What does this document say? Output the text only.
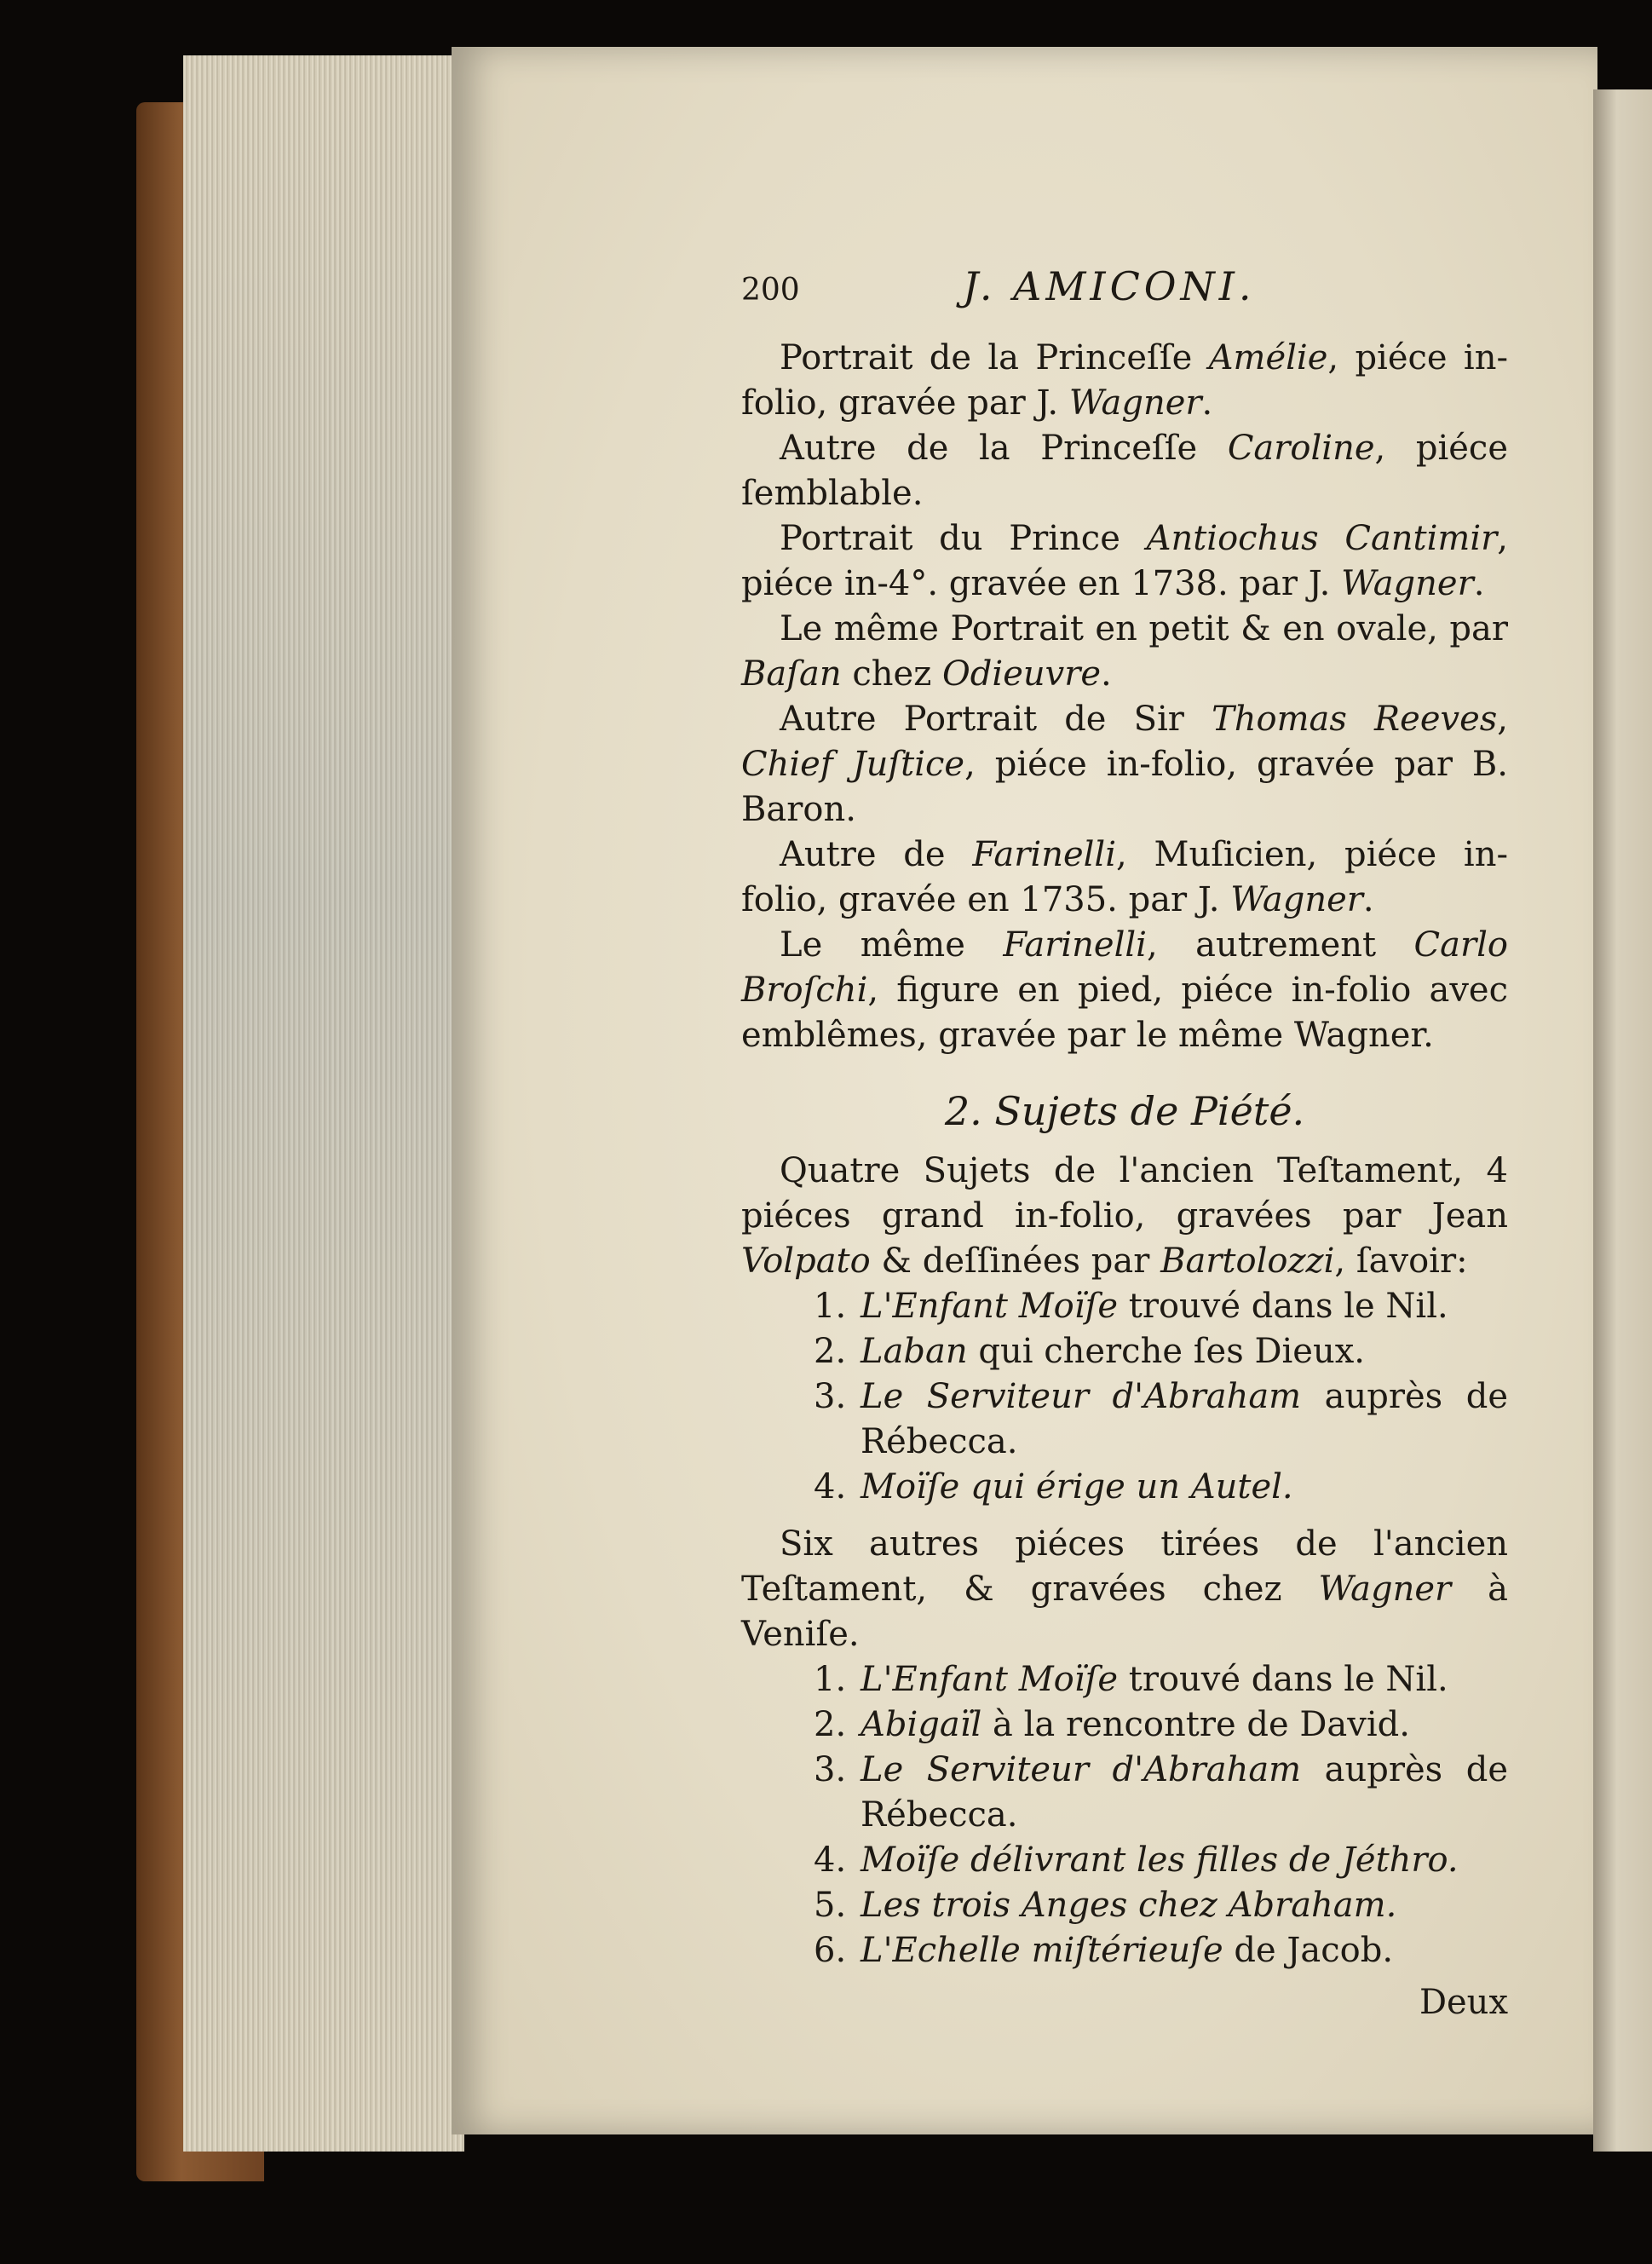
200	J. AMICONI.

Portrait de la Princeſſe Amélie, piéce in-folio, gravée par J. Wagner.

Autre de la Princeſſe Caroline, piéce ſemblable.

Portrait du Prince Antiochus Cantimir, piéce in-4°. gravée en 1738. par J. Wagner.

Le même Portrait en petit & en ovale, par Baſan chez Odieuvre.

Autre Portrait de Sir Thomas Reeves, Chief Juſtice, piéce in-folio, gravée par B. Baron.

Autre de Farinelli, Muſicien, piéce in-folio, gravée en 1735. par J. Wagner.

Le même Farinelli, autrement Carlo Broſchi, figure en pied, piéce in-folio avec emblêmes, gravée par le même Wagner.

2. Sujets de Piété.

Quatre Sujets de l'ancien Teſtament, 4 piéces grand in-folio, gravées par Jean Volpato & deſſinées par Bartolozzi, ſavoir:

1. L'Enfant Moïſe trouvé dans le Nil.
2. Laban qui cherche ſes Dieux.
3. Le Serviteur d'Abraham auprès de Rébecca.
4. Moïſe qui érige un Autel.

Six autres piéces tirées de l'ancien Teſtament, & gravées chez Wagner à Veniſe.

1. L'Enfant Moïſe trouvé dans le Nil.
2. Abigaïl à la rencontre de David.
3. Le Serviteur d'Abraham auprès de Rébecca.
4. Moïſe délivrant les filles de Jéthro.
5. Les trois Anges chez Abraham.
6. L'Echelle miſtérieuſe de Jacob.
Deux
